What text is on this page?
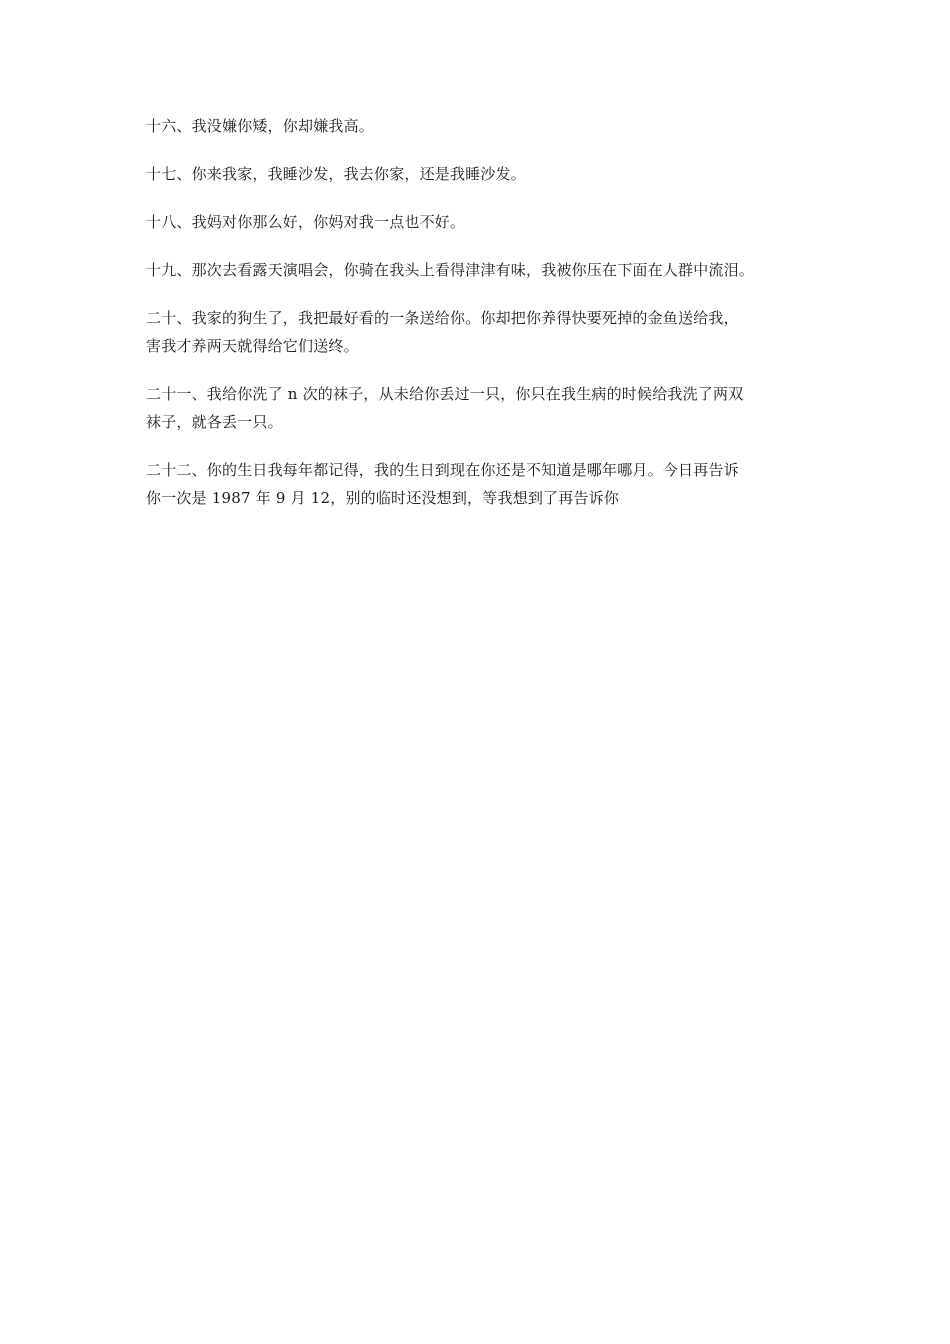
十六、我没嫌你矮，你却嫌我高。

十七、你来我家，我睡沙发，我去你家，还是我睡沙发。

十八、我妈对你那么好，你妈对我一点也不好。

十九、那次去看露天演唱会，你骑在我头上看得津津有味，我被你压在下面在人群中流泪。

二十、我家的狗生了，我把最好看的一条送给你。你却把你养得快要死掉的金鱼送给我，
害我才养两天就得给它们送终。

二十一、我给你洗了 n 次的袜子，从未给你丢过一只，你只在我生病的时候给我洗了两双
袜子，就各丢一只。

二十二、你的生日我每年都记得，我的生日到现在你还是不知道是哪年哪月。今日再告诉
你一次是 1987 年 9 月 12，别的临时还没想到，等我想到了再告诉你
